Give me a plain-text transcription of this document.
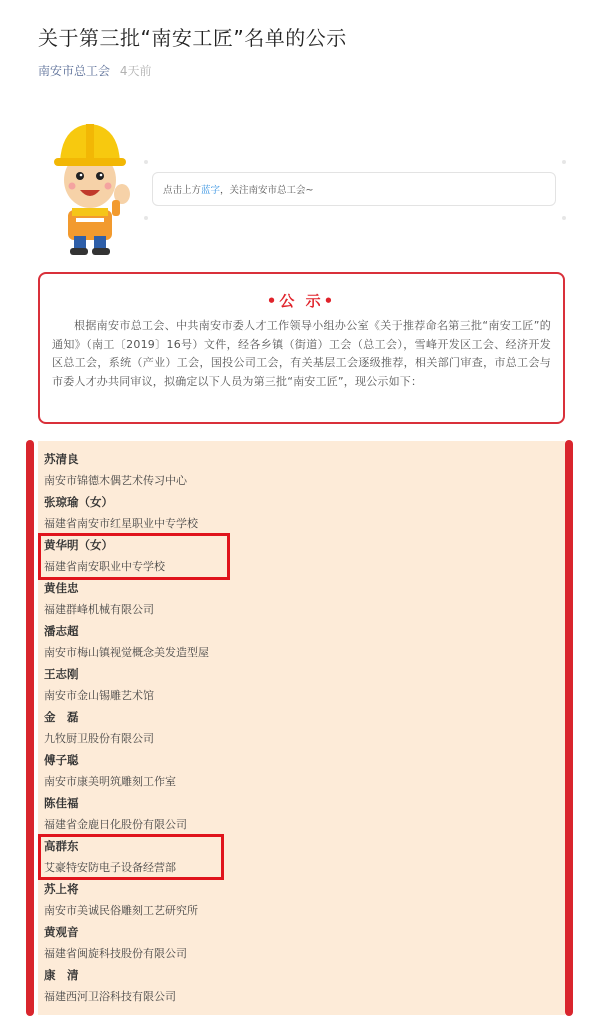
关于第三批“南安工匠”名单的公示
南安市总工会 4天前
点击上方 蓝字 ，关注南安市总工会~
•公 示•
根据南安市总工会、中共南安市委人才工作领导小组办公室《关于推荐命名第三批“南安工匠”的通知》（南工〔2019〕16号）文件，经各乡镇（街道）工会（总工会），雪峰开发区工会、经济开发区总工会，系统（产业）工会，国投公司工会，有关基层工会逐级推荐，相关部门审查，市总工会与市委人才办共同审议，拟确定以下人员为第三批“南安工匠”，现公示如下：
苏清良
南安市锦德木偶艺术传习中心
张琼瑜（女）
福建省南安市红星职业中专学校
黄华明（女）
福建省南安职业中专学校
黄佳忠
福建群峰机械有限公司
潘志超
南安市梅山镇视觉概念美发造型屋
王志刚
南安市金山锡雕艺术馆
金　磊
九牧厨卫股份有限公司
傅子聪
南安市康美明筑雕刻工作室
陈佳福
福建省金鹿日化股份有限公司
高群东
艾豪特安防电子设备经营部
苏上将
南安市美诚民俗雕刻工艺研究所
黄观音
福建省闽旋科技股份有限公司
康　清
福建西河卫浴科技有限公司
